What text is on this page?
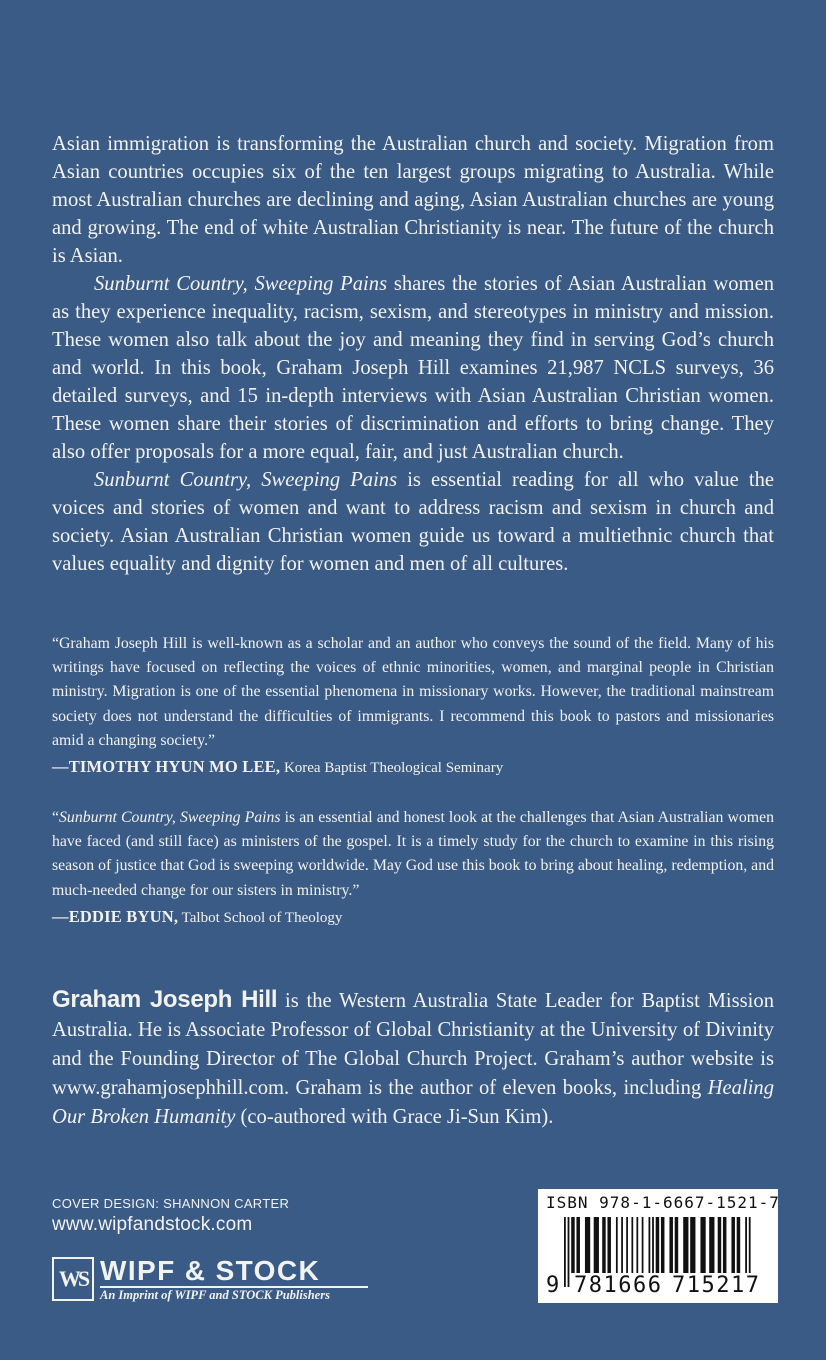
Asian immigration is transforming the Australian church and society. Migration from Asian countries occupies six of the ten largest groups migrating to Australia. While most Australian churches are declining and aging, Asian Australian churches are young and growing. The end of white Australian Christianity is near. The future of the church is Asian.

Sunburnt Country, Sweeping Pains shares the stories of Asian Australian women as they experience inequality, racism, sexism, and stereotypes in ministry and mission. These women also talk about the joy and meaning they find in serving God’s church and world. In this book, Graham Joseph Hill examines 21,987 NCLS surveys, 36 detailed surveys, and 15 in-depth interviews with Asian Australian Christian women. These women share their stories of discrimination and efforts to bring change. They also offer proposals for a more equal, fair, and just Australian church.

Sunburnt Country, Sweeping Pains is essential reading for all who value the voices and stories of women and want to address racism and sexism in church and society. Asian Australian Christian women guide us toward a multiethnic church that values equality and dignity for women and men of all cultures.

“Graham Joseph Hill is well-known as a scholar and an author who conveys the sound of the field. Many of his writings have focused on reflecting the voices of ethnic minorities, women, and marginal people in Christian ministry. Migration is one of the essential phenomena in missionary works. However, the traditional mainstream society does not understand the difficulties of immigrants. I recommend this book to pastors and missionaries amid a changing society.”

—TIMOTHY HYUN MO LEE, Korea Baptist Theological Seminary

“Sunburnt Country, Sweeping Pains is an essential and honest look at the challenges that Asian Australian women have faced (and still face) as ministers of the gospel. It is a timely study for the church to examine in this rising season of justice that God is sweeping worldwide. May God use this book to bring about healing, redemption, and much-needed change for our sisters in ministry.”

—EDDIE BYUN, Talbot School of Theology
Graham Joseph Hill is the Western Australia State Leader for Baptist Mission Australia. He is Associate Professor of Global Christianity at the University of Divinity and the Founding Director of The Global Church Project. Graham’s author website is www.grahamjosephhill.com. Graham is the author of eleven books, including Healing Our Broken Humanity (co-authored with Grace Ji-Sun Kim).
COVER DESIGN: SHANNON CARTER
www.wipfandstock.com
WS WIPF & STOCK
An Imprint of WIPF and STOCK Publishers
ISBN 978-1-6667-1521-7
9 781666 715217
